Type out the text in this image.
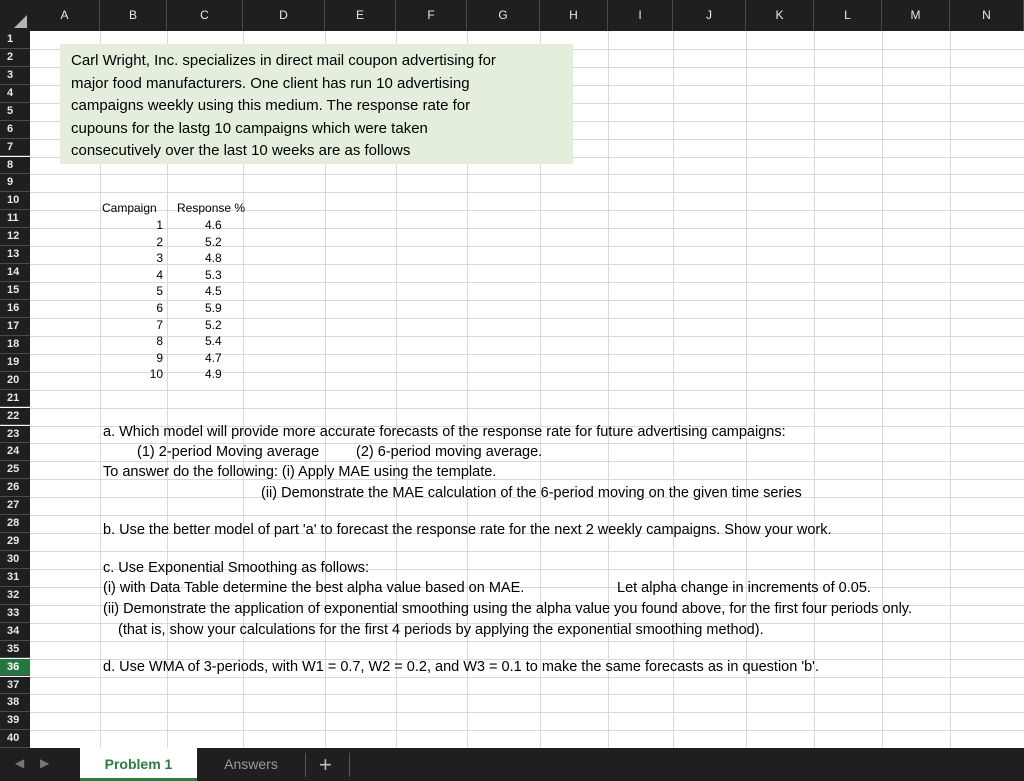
A	B	C	D	E	F	G	H	I	J	K	L	M	N
1
2
3
4
5
6
7
8
9
10
11
12
13
14
15
16
17
18
19
20
21
22
23
24
25
26
27
28
29
30
31
32
33
34
35
36
37
38
39
40
Carl Wright, Inc. specializes in direct mail coupon advertising for
major food manufacturers. One client has run 10 advertising
campaigns weekly using this medium. The response rate for
cupouns for the lastg 10 campaigns which were taken
consecutively over the last 10 weeks are as follows
Campaign Response %
1	4.6
2	5.2
3	4.8
4	5.3
5	4.5
6	5.9
7	5.2
8	5.4
9	4.7
10	4.9
a. Which model will provide more accurate forecasts of the response rate for future advertising campaigns:
(1) 2-period Moving average	(2) 6-period moving average.
To answer do the following: (i) Apply MAE using the template.
(ii) Demonstrate the MAE calculation of the 6-period moving on the given time series
b. Use the better model of part 'a' to forecast the response rate for the next 2 weekly campaigns. Show your work.
c. Use Exponential Smoothing as follows:
(i) with Data Table determine the best alpha value based on MAE.	Let alpha change in increments of 0.05.
(ii) Demonstrate the application of exponential smoothing using the alpha value you found above, for the first four periods only.
(that is, show your calculations for the first 4 periods by applying the exponential smoothing method).
d. Use WMA of 3-periods, with W1 = 0.7, W2 = 0.2, and W3 = 0.1 to make the same forecasts as in question 'b'.
◀ ▶	Problem 1	Answers	+
